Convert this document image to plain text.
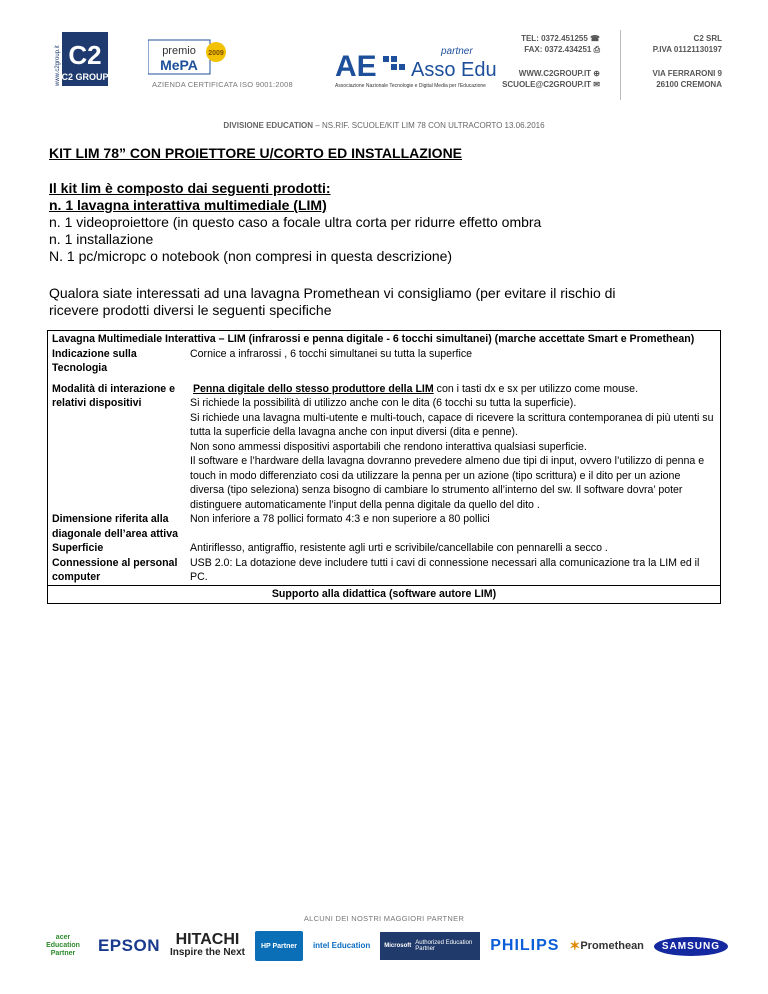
C2
C2 GROUP
www.c2group.it	premio
MePA
2009
premio MePA 2009
AZIENDA CERTIFICATA ISO 9001:2008
AE Asso Edu
partner
Associazione Nazionale Tecnologie e Digital Media per l'Educazione
TEL: 0372.451255 ☎
FAX: 0372.434251 ⎙
WWW.C2GROUP.IT ⊕
SCUOLE@C2GROUP.IT ✉
C2 SRL
P.IVA 01121130197
VIA FERRARONI 9
26100 CREMONA
DIVISIONE EDUCATION – NS.RIF. SCUOLE/KIT LIM 78 CON ULTRACORTO 13.06.2016
KIT LIM 78” CON PROIETTORE U/CORTO ED INSTALLAZIONE
Il kit lim è composto dai seguenti prodotti:
n. 1 lavagna interattiva multimediale (LIM)
n. 1 videoproiettore (in questo caso a focale ultra corta per ridurre effetto ombra
n. 1 installazione
N. 1 pc/micropc o notebook (non compresi in questa descrizione)
Qualora siate interessati ad una lavagna Promethean vi consigliamo (per evitare il rischio di ricevere prodotti diversi le seguenti specifiche
Lavagna Multimediale Interattiva – LIM (infrarossi e penna digitale - 6 tocchi simultanei) (marche accettate Smart e Promethean)	
Indicazione sulla Tecnologia	Cornice a infrarossi , 6 tocchi simultanei su tutta la superfice
Modalità di interazione e relativi dispositivi	Penna digitale dello stesso produttore della LIM con i tasti dx e sx per utilizzo come mouse.
Si richiede la possibilità di utilizzo anche con le dita (6 tocchi su tutta la superficie).
Si richiede una lavagna multi-utente e multi-touch, capace di ricevere la scrittura contemporanea di più utenti su tutta la superficie della lavagna anche con input diversi (dita e penne).
Non sono ammessi dispositivi asportabili che rendono interattiva qualsiasi superficie.
Il software e l’hardware della lavagna dovranno prevedere almeno due tipi di input, ovvero l’utilizzo di penna e touch in modo differenziato cosi da utilizzare la penna per un azione (tipo scrittura) e il dito per un azione diversa (tipo seleziona) senza bisogno di cambiare lo strumento all’interno del sw. Il software dovra’ poter distinguere automaticamente l’input della penna digitale da quello del dito .

Dimensione riferita alla diagonale dell’area attiva	Non inferiore a 78 pollici formato 4:3 e non superiore a 80 pollici
Superficie	Antiriflesso, antigraffio, resistente agli urti e scrivibile/cancellabile con pennarelli a secco .
Connessione al personal computer	USB 2.0: La dotazione deve includere tutti i cavi di connessione necessari alla comunicazione tra la LIM ed il PC.
Supporto alla didattica (software autore LIM)	
ALCUNI DEI NOSTRI MAGGIORI PARTNER
acer Education Partner	EPSON HITACHI
Inspire the Next
HP Partner intel Education Microsoft Authorized Education Partner	PHILIPS ✶ Promethean SAMSUNG
